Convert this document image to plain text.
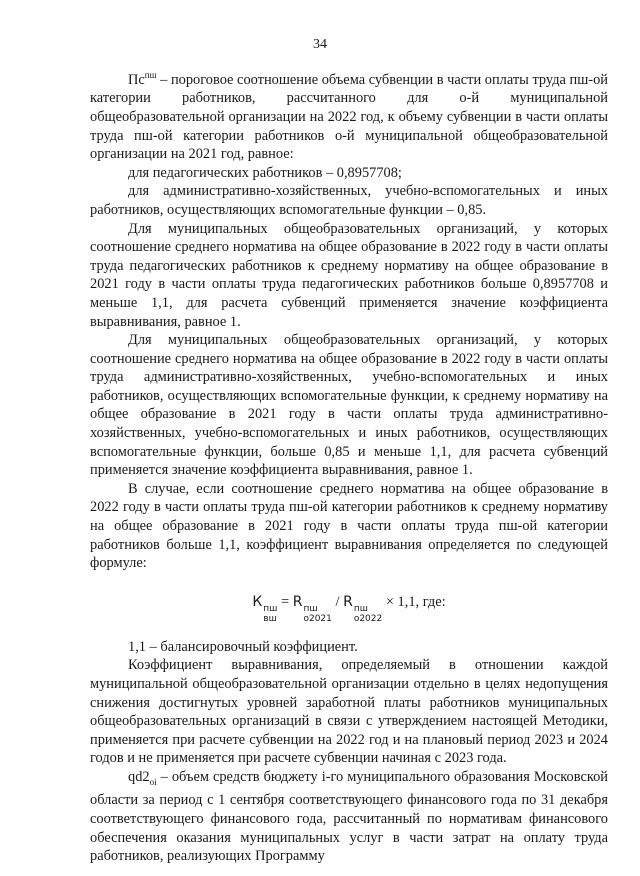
34

$Пс^{пш}$ – пороговое соотношение объема субвенции в части оплаты труда пш-ой категории работников, рассчитанного для о-й муниципальной общеобразовательной организации на 2022 год, к объему субвенции в части оплаты труда пш-ой категории работников о-й муниципальной общеобразовательной организации на 2021 год, равное:

для педагогических работников – 0,8957708;

для административно-хозяйственных, учебно-вспомогательных и иных работников, осуществляющих вспомогательные функции – 0,85.

Для муниципальных общеобразовательных организаций, у которых соотношение среднего норматива на общее образование в 2022 году в части оплаты труда педагогических работников к среднему нормативу на общее образование в 2021 году в части оплаты труда педагогических работников больше 0,8957708 и меньше 1,1, для расчета субвенций применяется значение коэффициента выравнивания, равное 1.

Для муниципальных общеобразовательных организаций, у которых соотношение среднего норматива на общее образование в 2022 году в части оплаты труда административно-хозяйственных, учебно-вспомогательных и иных работников, осуществляющих вспомогательные функции, к среднему нормативу на общее образование в 2021 году в части оплаты труда административно-хозяйственных, учебно-вспомогательных и иных работников, осуществляющих вспомогательные функции, больше 0,85 и меньше 1,1, для расчета субвенций применяется значение коэффициента выравнивания, равное 1.

В случае, если соотношение среднего норматива на общее образование в 2022 году в части оплаты труда пш-ой категории работников к среднему нормативу на общее образование в 2021 году в части оплаты труда пш-ой категории работников больше 1,1, коэффициент выравнивания определяется по следующей формуле:

К пш
вш
= R пш
о2021
/ R пш
о2022
× 1,1, где:

1,1 – балансировочный коэффициент.

Коэффициент выравнивания, определяемый в отношении каждой муниципальной общеобразовательной организации отдельно в целях недопущения снижения достигнутых уровней заработной платы работников муниципальных общеобразовательных организаций в связи с утверждением настоящей Методики, применяется при расчете субвенции на 2022 год и на плановый период 2023 и 2024 годов и не применяется при расчете субвенции начиная с 2023 года.

$qd2_{oi}$ – объем средств бюджету i-го муниципального образования Московской области за период с 1 сентября соответствующего финансового года по 31 декабря соответствующего финансового года, рассчитанный по нормативам финансового обеспечения оказания муниципальных услуг в части затрат на оплату труда работников, реализующих Программу
